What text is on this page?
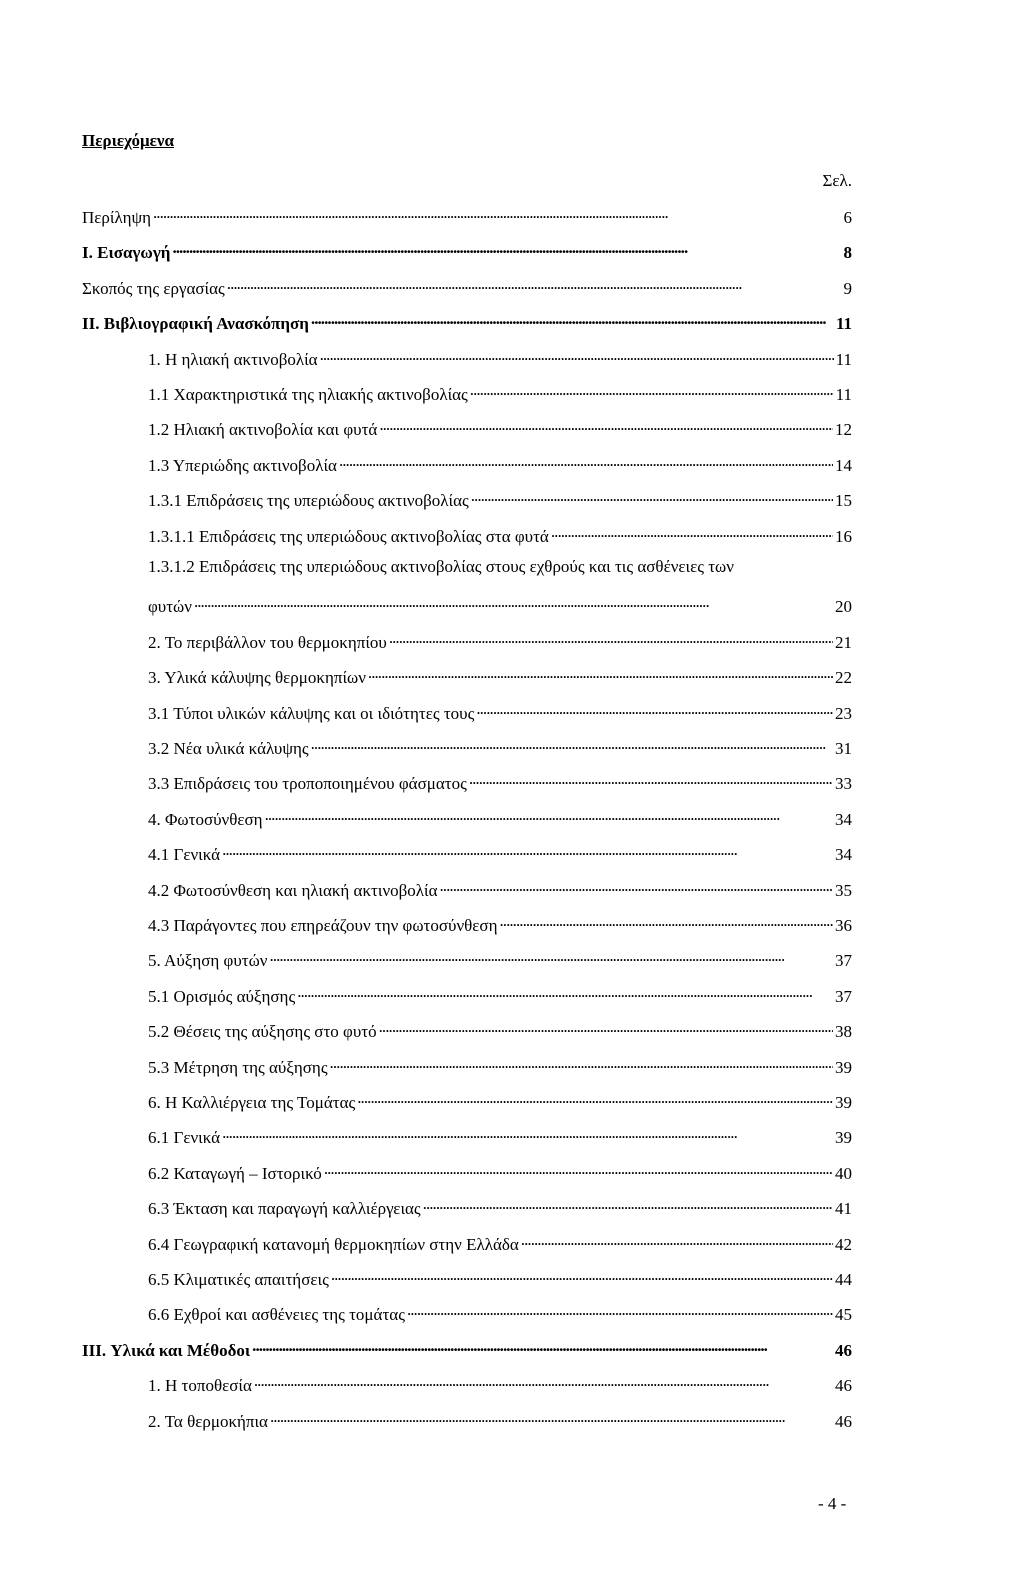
Περιεχόμενα
Σελ.
Περίληψη . . .	6
I. Εισαγωγή . . .	8
Σκοπός της εργασίας . . .	9
II. Βιβλιογραφική Ανασκόπηση . . .	11
1. Η ηλιακή ακτινοβολία . . .	11
1.1 Χαρακτηριστικά της ηλιακής ακτινοβολίας . . .	11
1.2 Ηλιακή ακτινοβολία και φυτά . . .	12
1.3 Υπεριώδης ακτινοβολία . . .	14
1.3.1 Επιδράσεις της υπεριώδους ακτινοβολίας . . .	15
1.3.1.1 Επιδράσεις της υπεριώδους ακτινοβολίας στα φυτά . . .	16
1.3.1.2 Επιδράσεις της υπεριώδους ακτινοβολίας στους εχθρούς και τις ασθένειες των
φυτών . . .	20
2. Το περιβάλλον του θερμοκηπίου . . .	21
3. Υλικά κάλυψης θερμοκηπίων . . .	22
3.1 Τύποι υλικών κάλυψης και οι ιδιότητες τους . . .	23
3.2 Νέα υλικά κάλυψης . . .	31
3.3 Επιδράσεις του τροποποιημένου φάσματος . . .	33
4. Φωτοσύνθεση . . .	34
4.1 Γενικά . . .	34
4.2 Φωτοσύνθεση και ηλιακή ακτινοβολία . . .	35
4.3 Παράγοντες που επηρεάζουν την φωτοσύνθεση . . .	36
5. Αύξηση φυτών . . .	37
5.1 Ορισμός αύξησης . . .	37
5.2 Θέσεις της αύξησης στο φυτό . . .	38
5.3 Μέτρηση της αύξησης . . .	39
6. Η Καλλιέργεια της Τομάτας . . .	39
6.1 Γενικά . . .	39
6.2 Καταγωγή – Ιστορικό . . .	40
6.3 Έκταση και παραγωγή καλλιέργειας . . .	41
6.4 Γεωγραφική κατανομή θερμοκηπίων στην Ελλάδα . . .	42
6.5 Κλιματικές απαιτήσεις . . .	44
6.6 Εχθροί και ασθένειες της τομάτας . . .	45
III. Υλικά και Μέθοδοι . . .	46
1. Η τοποθεσία . . .	46
2. Τα θερμοκήπια . . .	46
- 4 -
